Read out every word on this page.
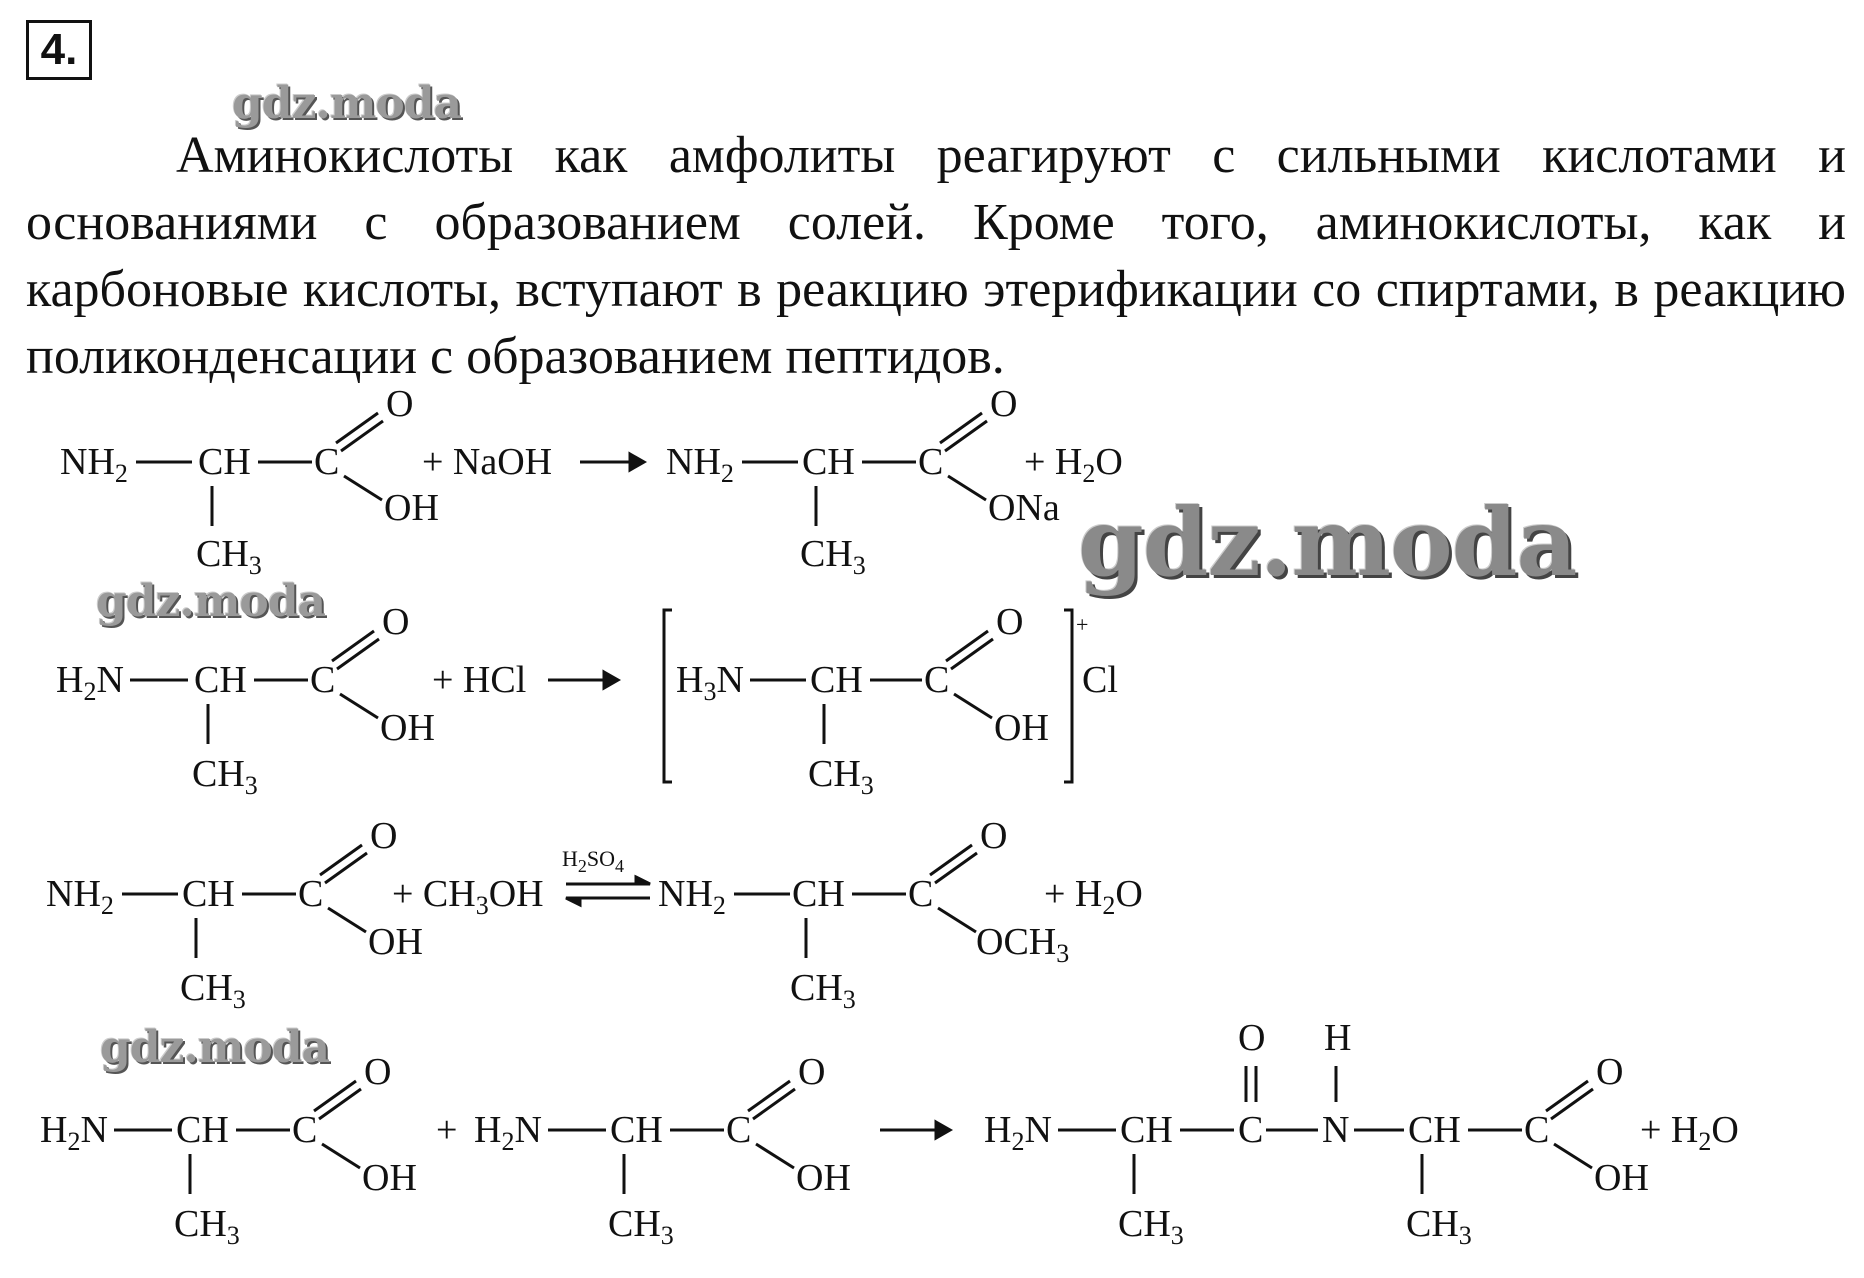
4.
gdz.moda

Аминокислоты как амфолиты реагируют с сильными кислотами и основаниями с образованием солей. Кроме того, аминокислоты, как и карбоновые кислоты, вступают в реакцию этерификации со спиртами, в реакцию поликонденсации с образованием пептидов.

$NH_2$ CH C
O
OH
$CH_3$
+ NaOH	$NH_2$ CH C
O
ONa
$CH_3$
+ $H_2O$
$H_2N$ CH C
O
OH
$CH_3$
+ HCl	$H_3N$ CH C
O
OH
$CH_3$
+
Cl
$NH_2$ CH C
O
OH
$CH_3$
+ $CH_3OH$
$H_2SO_4$
$NH_2$ CH C
O
$OCH_3$
$CH_3$
+ $H_2O$
$H_2N$ CH C
O
OH
$CH_3$
+ $H_2N$ CH C
O
OH
$CH_3$
$H_2N$ CH C
O
N
H
CH C
O
OH
$CH_3$	$CH_3$
+ $H_2O$
gdz.moda
gdz.moda
gdz.moda
